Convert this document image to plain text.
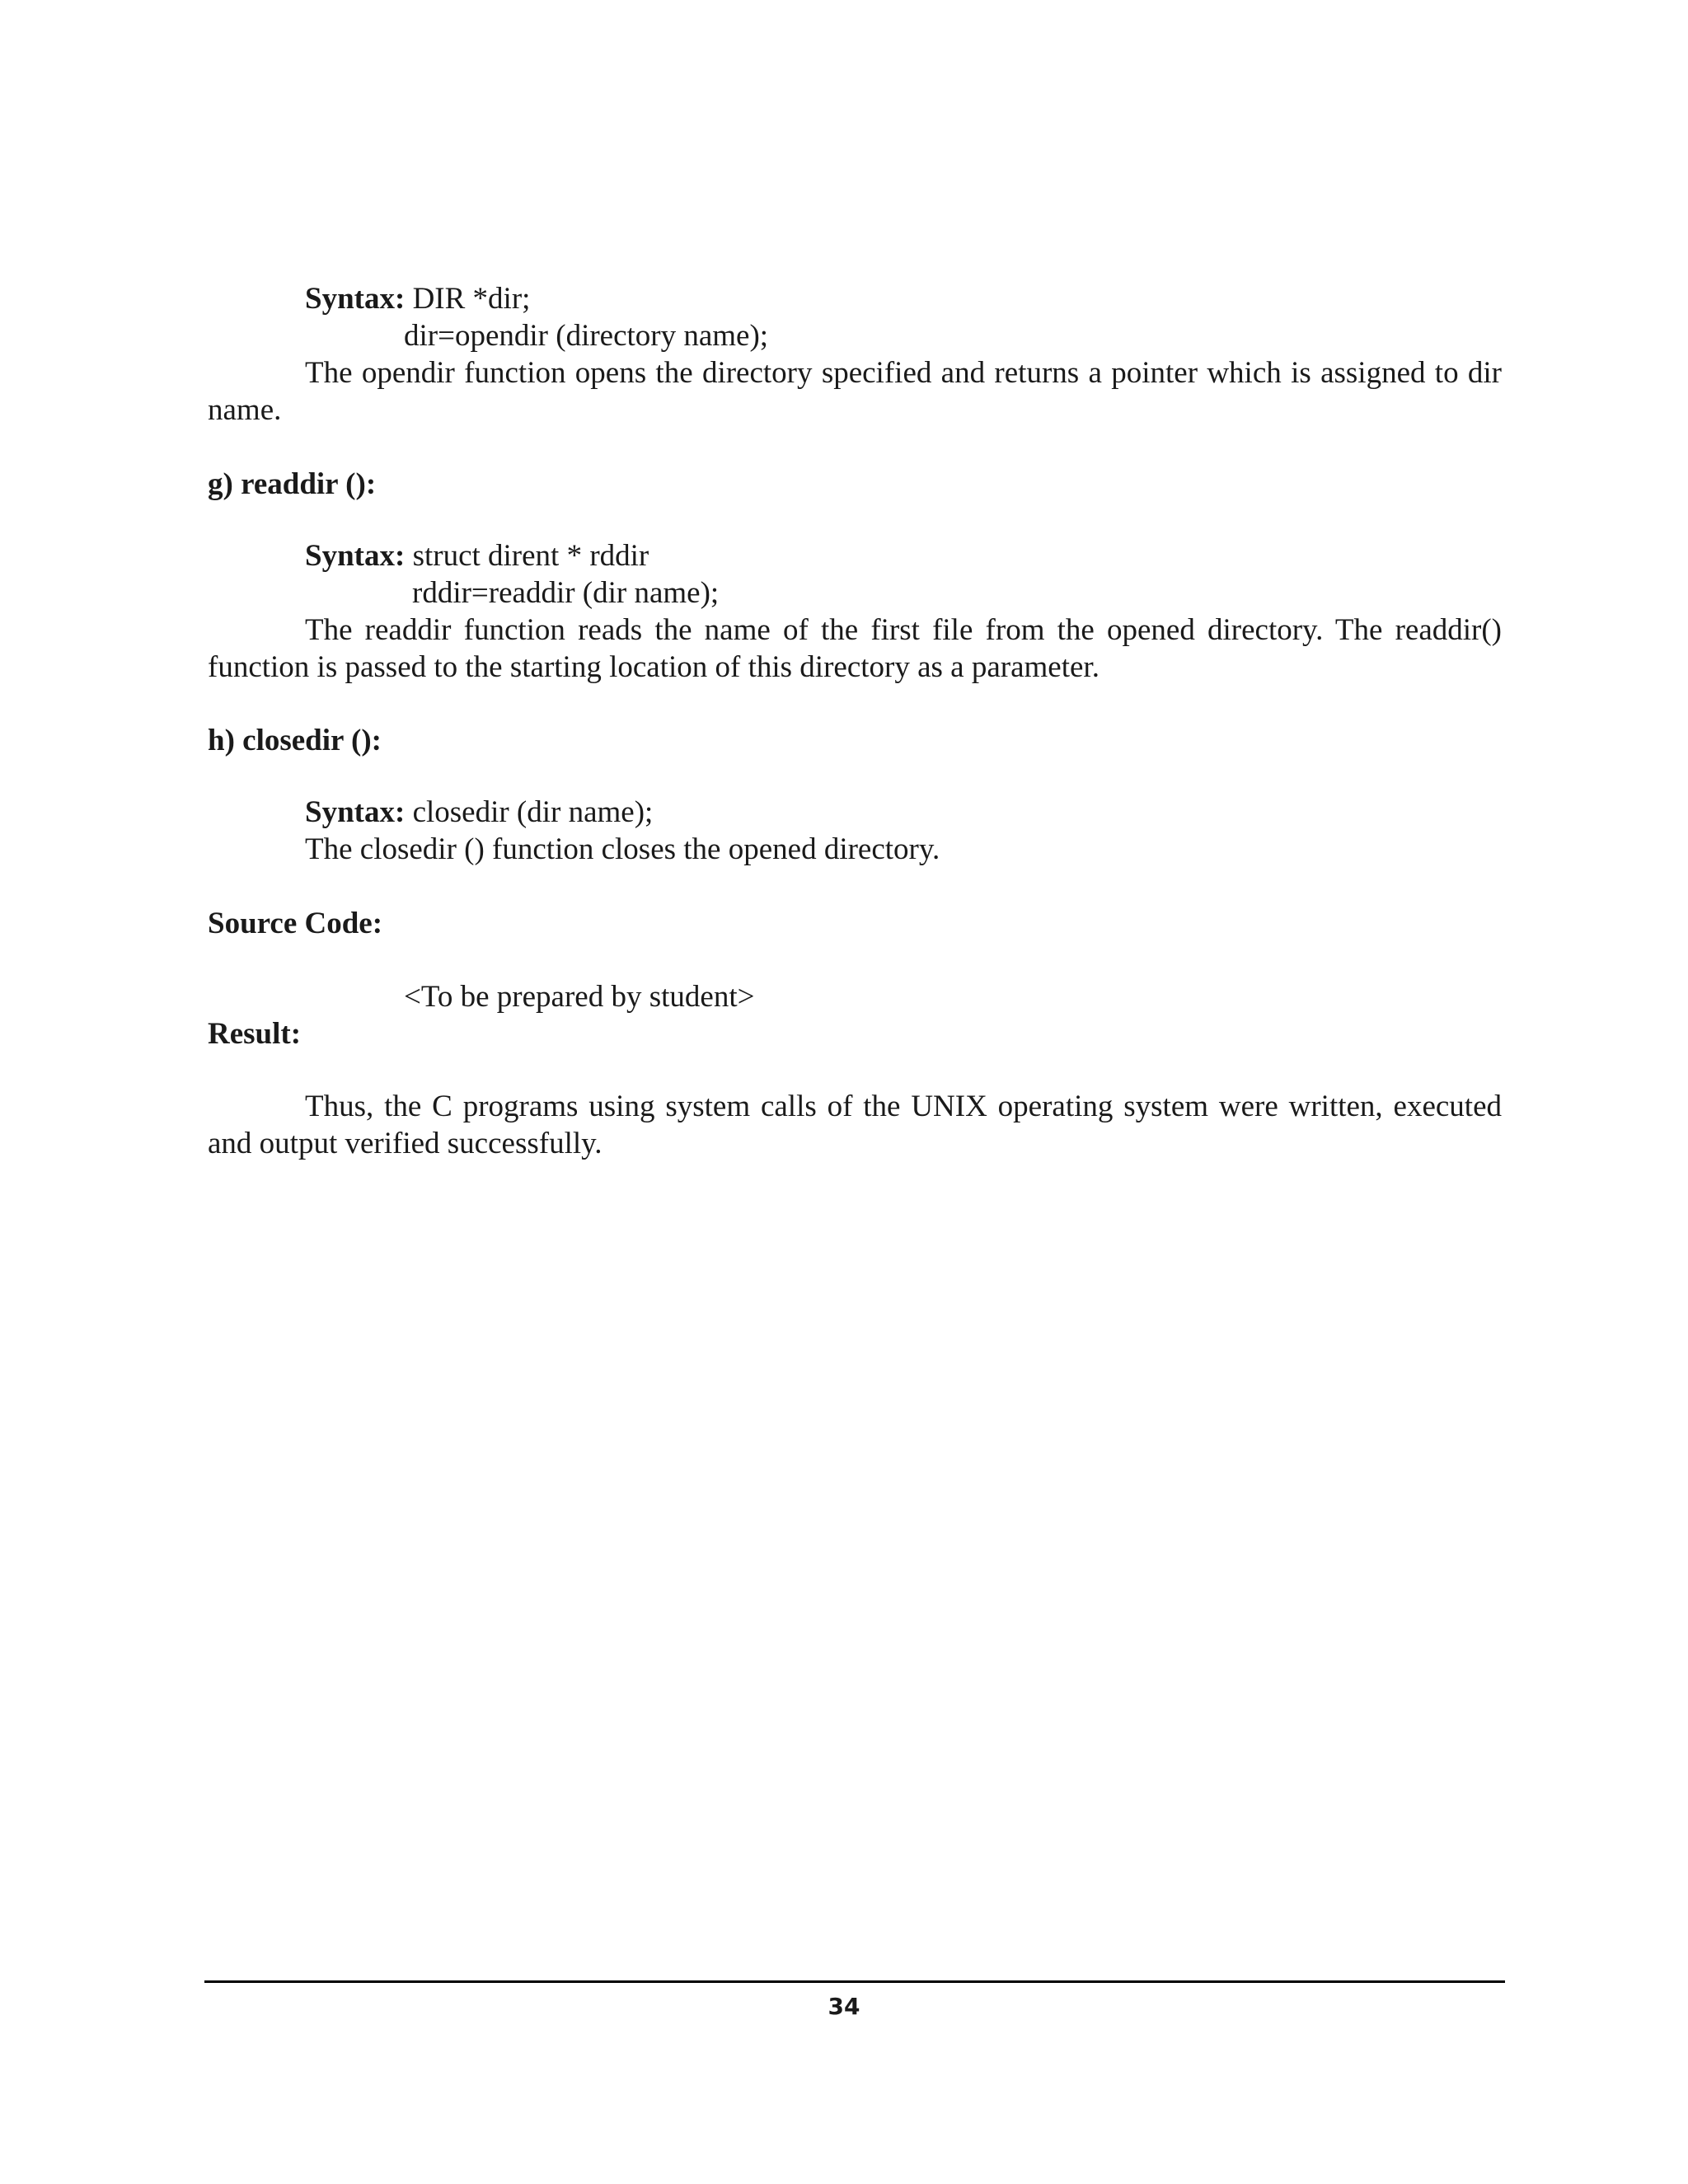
Syntax: DIR *dir;
dir=opendir (directory name);
The opendir function opens the directory specified and returns a pointer which is assigned to dir name.
g) readdir ():
Syntax: struct dirent * rddir
rddir=readdir (dir name);
The readdir function reads the name of the first file from the opened directory. The readdir() function is passed to the starting location of this directory as a parameter.
h) closedir ():
Syntax: closedir (dir name);
The closedir () function closes the opened directory.
Source Code:
<To be prepared by student>
Result:
Thus, the C programs using system calls of the UNIX operating system were written, executed and output verified successfully.
34
